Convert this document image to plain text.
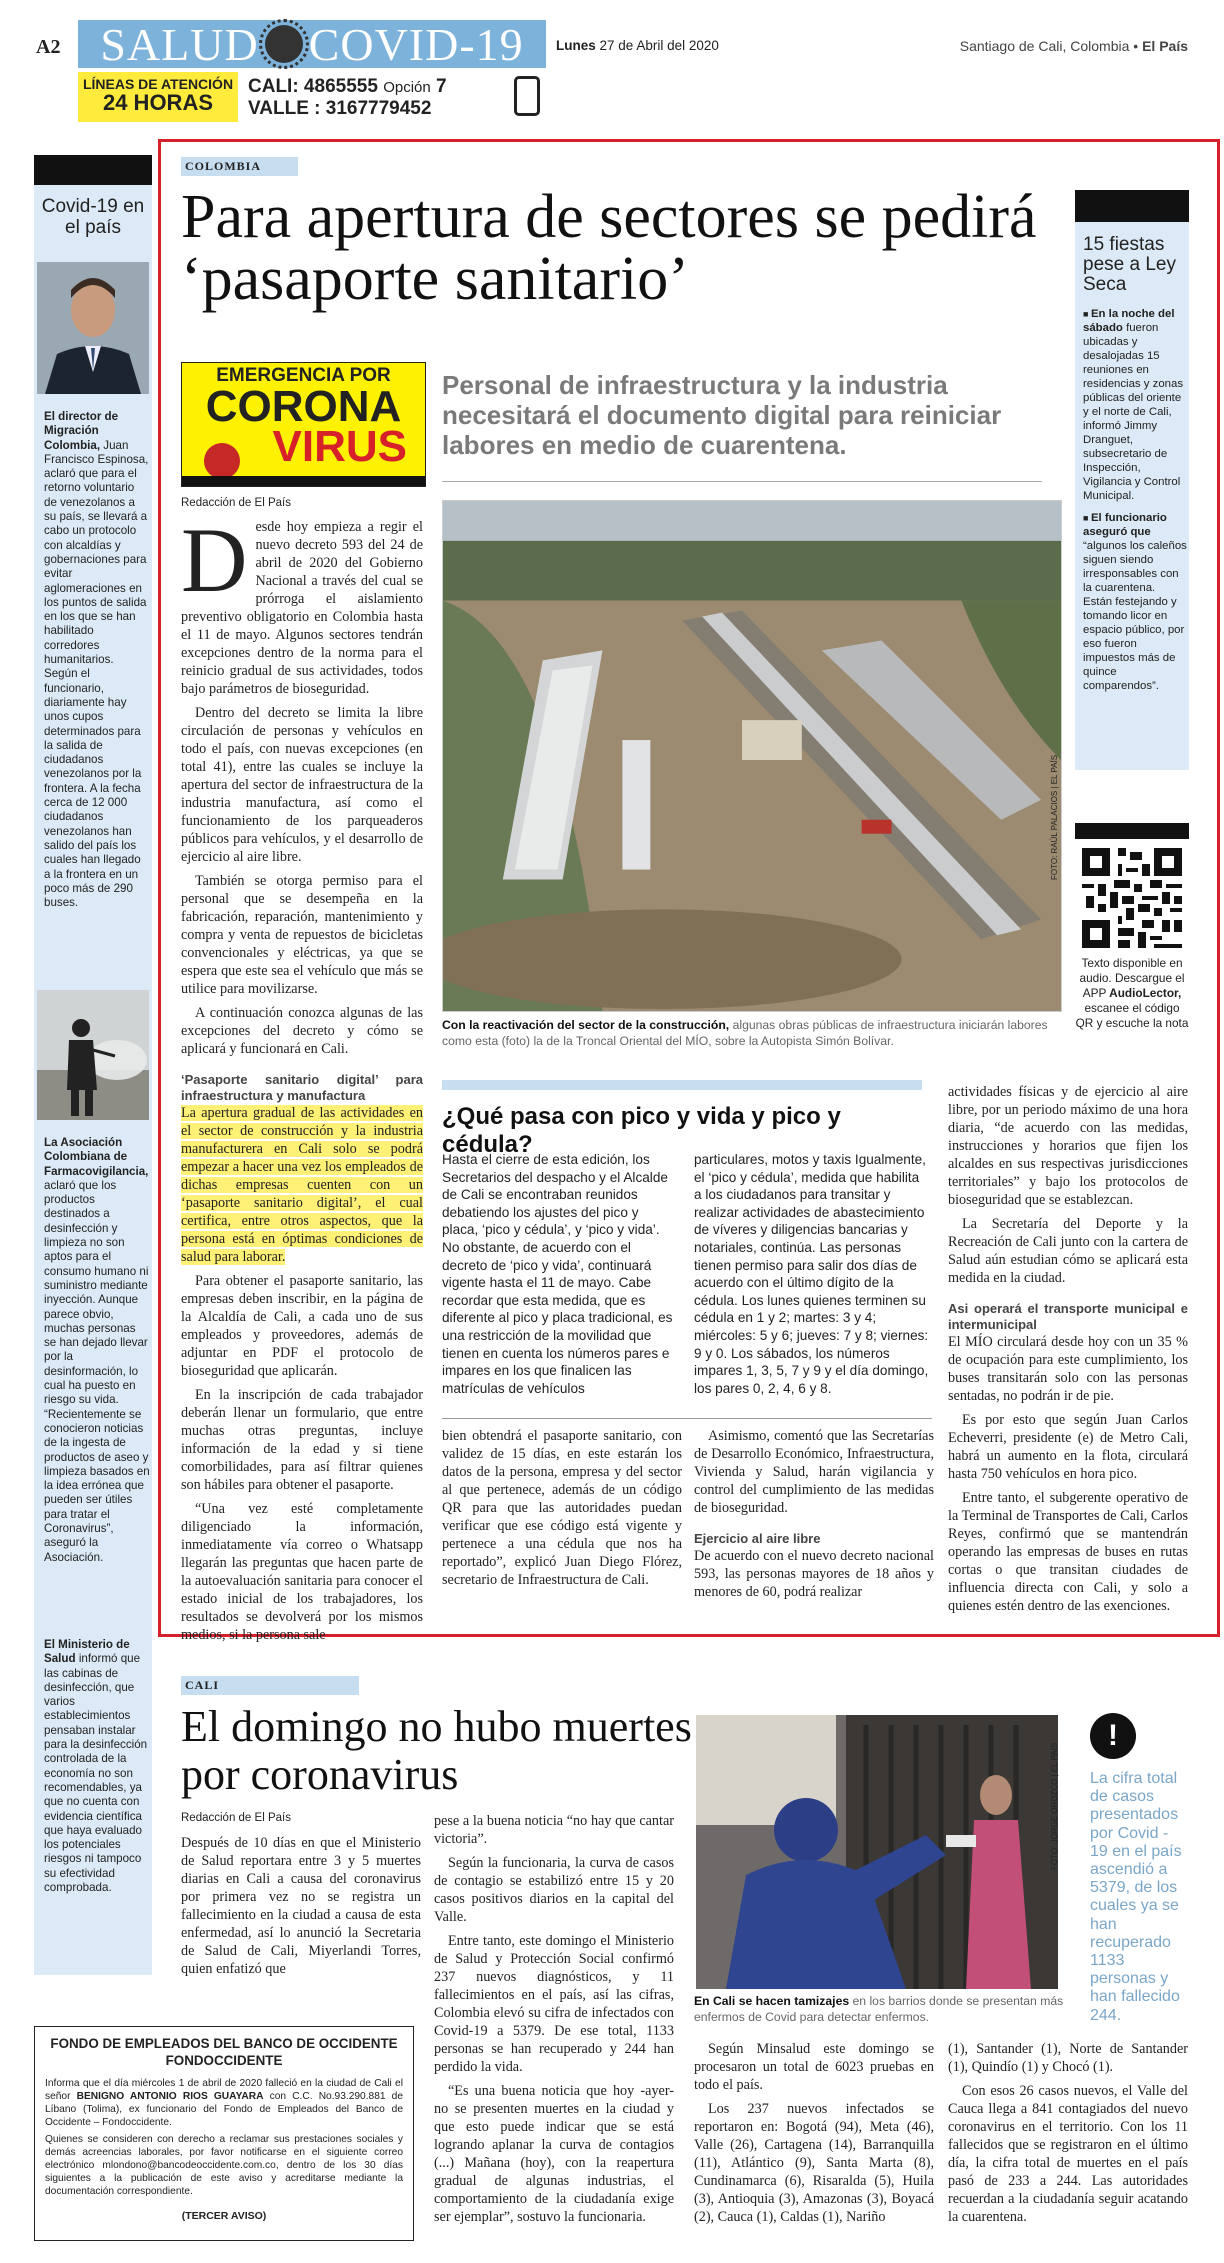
A2 SALUD COVID-19
LÍNEAS DE ATENCIÓN
24 HORAS
CALI: 4865555 Opción 7
VALLE : 3167779452
Lunes 27 de Abril del 2020	Santiago de Cali, Colombia • El País
Covid-19 en el país
El director de Migración Colombia, Juan Francisco Espinosa, aclaró que para el retorno voluntario de venezolanos a su país, se llevará a cabo un protocolo con alcaldías y gobernaciones para evitar aglomeraciones en los puntos de salida en los que se han habilitado corredores humanitarios. Según el funcionario, diariamente hay unos cupos determinados para la salida de ciudadanos venezolanos por la frontera. A la fecha cerca de 12 000 ciudadanos venezolanos han salido del país los cuales han llegado a la frontera en un poco más de 290 buses.
La Asociación Colombiana de Farmacovigilancia, aclaró que los productos destinados a desinfección y limpieza no son aptos para el consumo humano ni suministro mediante inyección. Aunque parece obvio, muchas personas se han dejado llevar por la desinformación, lo cual ha puesto en riesgo su vida. “Recientemente se conocieron noticias de la ingesta de productos de aseo y limpieza basados en la idea errónea que pueden ser útiles para tratar el Coronavirus”, aseguró la Asociación.
El Ministerio de Salud informó que las cabinas de desinfección, que varios establecimientos pensaban instalar para la desinfección controlada de la economía no son recomendables, ya que no cuenta con evidencia científica que haya evaluado los potenciales riesgos ni tampoco su efectividad comprobada.
COLOMBIA
Para apertura de sectores se pedirá ‘pasaporte sanitario’
EMERGENCIA POR
CORONA
VIRUS
Personal de infraestructura y la industria necesitará el documento digital para reiniciar labores en medio de cuarentena.
Redacción de El País

Desde hoy empieza a regir el nuevo decreto 593 del 24 de abril de 2020 del Gobierno Nacional a través del cual se prórroga el aislamiento preventivo obligatorio en Colombia hasta el 11 de mayo. Algunos sectores tendrán excepciones dentro de la norma para el reinicio gradual de sus actividades, todos bajo parámetros de bioseguridad.

Dentro del decreto se limita la libre circulación de personas y vehículos en todo el país, con nuevas excepciones (en total 41), entre las cuales se incluye la apertura del sector de infraestructura de la industria manufactura, así como el funcionamiento de los parqueaderos públicos para vehículos, y el desarrollo de ejercicio al aire libre.

También se otorga permiso para el personal que se desempeña en la fabricación, reparación, mantenimiento y compra y venta de repuestos de bicicletas convencionales y eléctricas, ya que se espera que este sea el vehículo que más se utilice para movilizarse.

A continuación conozca algunas de las excepciones del decreto y cómo se aplicará y funcionará en Cali.

‘Pasaporte sanitario digital’ para infraestructura y manufactura

La apertura gradual de las actividades en el sector de construcción y la industria manufacturera en Cali solo se podrá empezar a hacer una vez los empleados de dichas empresas cuenten con un ‘pasaporte sanitario digital’, el cual certifica, entre otros aspectos, que la persona está en óptimas condiciones de salud para laborar.

Para obtener el pasaporte sanitario, las empresas deben inscribir, en la página de la Alcaldía de Cali, a cada uno de sus empleados y proveedores, además de adjuntar en PDF el protocolo de bioseguridad que aplicarán.

En la inscripción de cada trabajador deberán llenar un formulario, que entre muchas otras preguntas, incluye información de la edad y si tiene comorbilidades, para así filtrar quienes son hábiles para obtener el pasaporte.

“Una vez esté completamente diligenciado la información, inmediatamente vía correo o Whatsapp llegarán las preguntas que hacen parte de la autoevaluación sanitaria para conocer el estado inicial de los trabajadores, los resultados se devolverá por los mismos medios, si la persona sale

FOTO: RAÚL PALACIOS | EL PAÍS
Con la reactivación del sector de la construcción, algunas obras públicas de infraestructura iniciarán labores como esta (foto) la de la Troncal Oriental del MÍO, sobre la Autopista Simón Bolívar.
¿Qué pasa con pico y vida y pico y cédula?
Hasta el cierre de esta edición, los Secretarios del despacho y el Alcalde de Cali se encontraban reunidos debatiendo los ajustes del pico y placa, ‘pico y cédula’, y ‘pico y vida’. No obstante, de acuerdo con el decreto de ‘pico y vida’, continuará vigente hasta el 11 de mayo. Cabe recordar que esta medida, que es diferente al pico y placa tradicional, es una restricción de la movilidad que tienen en cuenta los números pares e impares en los que finalicen las matrículas de vehículos
particulares, motos y taxis Igualmente, el ‘pico y cédula’, medida que habilita a los ciudadanos para transitar y realizar actividades de abastecimiento de víveres y diligencias bancarias y notariales, continúa. Las personas tienen permiso para salir dos días de acuerdo con el último dígito de la cédula. Los lunes quienes terminen su cédula en 1 y 2; martes: 3 y 4; miércoles: 5 y 6; jueves: 7 y 8; viernes: 9 y 0. Los sábados, los números impares 1, 3, 5, 7 y 9 y el día domingo, los pares 0, 2, 4, 6 y 8.

bien obtendrá el pasaporte sanitario, con validez de 15 días, en este estarán los datos de la persona, empresa y del sector al que pertenece, además de un código QR para que las autoridades puedan verificar que ese código está vigente y pertenece a una cédula que nos ha reportado”, explicó Juan Diego Flórez, secretario de Infraestructura de Cali.

Asimismo, comentó que las Secretarías de Desarrollo Económico, Infraestructura, Vivienda y Salud, harán vigilancia y control del cumplimiento de las medidas de bioseguridad.

Ejercicio al aire libre

De acuerdo con el nuevo decreto nacional 593, las personas mayores de 18 años y menores de 60, podrá realizar

actividades físicas y de ejercicio al aire libre, por un periodo máximo de una hora diaria, “de acuerdo con las medidas, instrucciones y horarios que fijen los alcaldes en sus respectivas jurisdicciones territoriales” y bajo los protocolos de bioseguridad que se establezcan.

La Secretaría del Deporte y la Recreación de Cali junto con la cartera de Salud aún estudian cómo se aplicará esta medida en la ciudad.

Asi operará el transporte municipal e intermunicipal

El MÍO circulará desde hoy con un 35 % de ocupación para este cumplimiento, los buses transitarán solo con las personas sentadas, no podrán ir de pie.

Es por esto que según Juan Carlos Echeverri, presidente (e) de Metro Cali, habrá un aumento en la flota, circulará hasta 750 vehículos en hora pico.

Entre tanto, el subgerente operativo de la Terminal de Transportes de Cali, Carlos Reyes, confirmó que se mantendrán operando las empresas de buses en rutas cortas o que transitan ciudades de influencia directa con Cali, y solo a quienes estén dentro de las exenciones.

15 fiestas pese a Ley Seca

■ En la noche del sábado fueron ubicadas y desalojadas 15 reuniones en residencias y zonas públicas del oriente y el norte de Cali, informó Jimmy Dranguet, subsecretario de Inspección, Vigilancia y Control Municipal.

■ El funcionario aseguró que “algunos los caleños siguen siendo irresponsables con la cuarentena. Están festejando y tomando licor en espacio público, por eso fueron impuestos más de quince comparendos”.

Texto disponible en audio. Descargue el APP AudioLector, escanee el código QR y escuche la nota
CALI
El domingo no hubo muertes por coronavirus
Redacción de El País

Después de 10 días en que el Ministerio de Salud reportara entre 3 y 5 muertes diarias en Cali a causa del coronavirus por primera vez no se registra un fallecimiento en la ciudad a causa de esta enfermedad, así lo anunció la Secretaria de Salud de Cali, Miyerlandi Torres, quien enfatizó que

pese a la buena noticia “no hay que cantar victoria”.

Según la funcionaria, la curva de casos de contagio se estabilizó entre 15 y 20 casos positivos diarios en la capital del Valle.

Entre tanto, este domingo el Ministerio de Salud y Protección Social confirmó 237 nuevos diagnósticos, y 11 fallecimientos en el país, así las cifras, Colombia elevó su cifra de infectados con Covid-19 a 5379. De ese total, 1133 personas se han recuperado y 244 han perdido la vida.

“Es una buena noticia que hoy -ayer- no se presenten muertes en la ciudad y que esto puede indicar que se está logrando aplanar la curva de contagios (...) Mañana (hoy), con la reapertura gradual de algunas industrias, el comportamiento de la ciudadanía exige ser ejemplar”, sostuvo la funcionaria.

FOTO: JORGE OROZCO | EL PAÍS
En Cali se hacen tamizajes en los barrios donde se presentan más enfermos de Covid para detectar enfermos.

Según Minsalud este domingo se procesaron un total de 6023 pruebas en todo el país.

Los 237 nuevos infectados se reportaron en: Bogotá (94), Meta (46), Valle (26), Cartagena (14), Barranquilla (11), Atlántico (9), Santa Marta (8), Cundinamarca (6), Risaralda (5), Huila (3), Antioquia (3), Amazonas (3), Boyacá (2), Cauca (1), Caldas (1), Nariño

(1), Santander (1), Norte de Santander (1), Quindío (1) y Chocó (1).

Con esos 26 casos nuevos, el Valle del Cauca llega a 841 contagiados del nuevo coronavirus en el territorio. Con los 11 fallecidos que se registraron en el último día, la cifra total de muertes en el país pasó de 233 a 244. Las autoridades recuerdan a la ciudadanía seguir acatando la cuarentena.

!
La cifra total de casos presentados por Covid - 19 en el país ascendió a 5379, de los cuales ya se han recuperado 1133 personas y han fallecido 244.
FONDO DE EMPLEADOS DEL BANCO DE OCCIDENTE FONDOCCIDENTE
Informa que el día miércoles 1 de abril de 2020 falleció en la ciudad de Cali el señor BENIGNO ANTONIO RIOS GUAYARA con C.C. No.93.290.881 de Líbano (Tolima), ex funcionario del Fondo de Empleados del Banco de Occidente – Fondoccidente.
Quienes se consideren con derecho a reclamar sus prestaciones sociales y demás acreencias laborales, por favor notificarse en el siguiente correo electrónico mlondono@bancodeoccidente.com.co, dentro de los 30 días siguientes a la publicación de este aviso y acreditarse mediante la documentación correspondiente.
(TERCER AVISO)
